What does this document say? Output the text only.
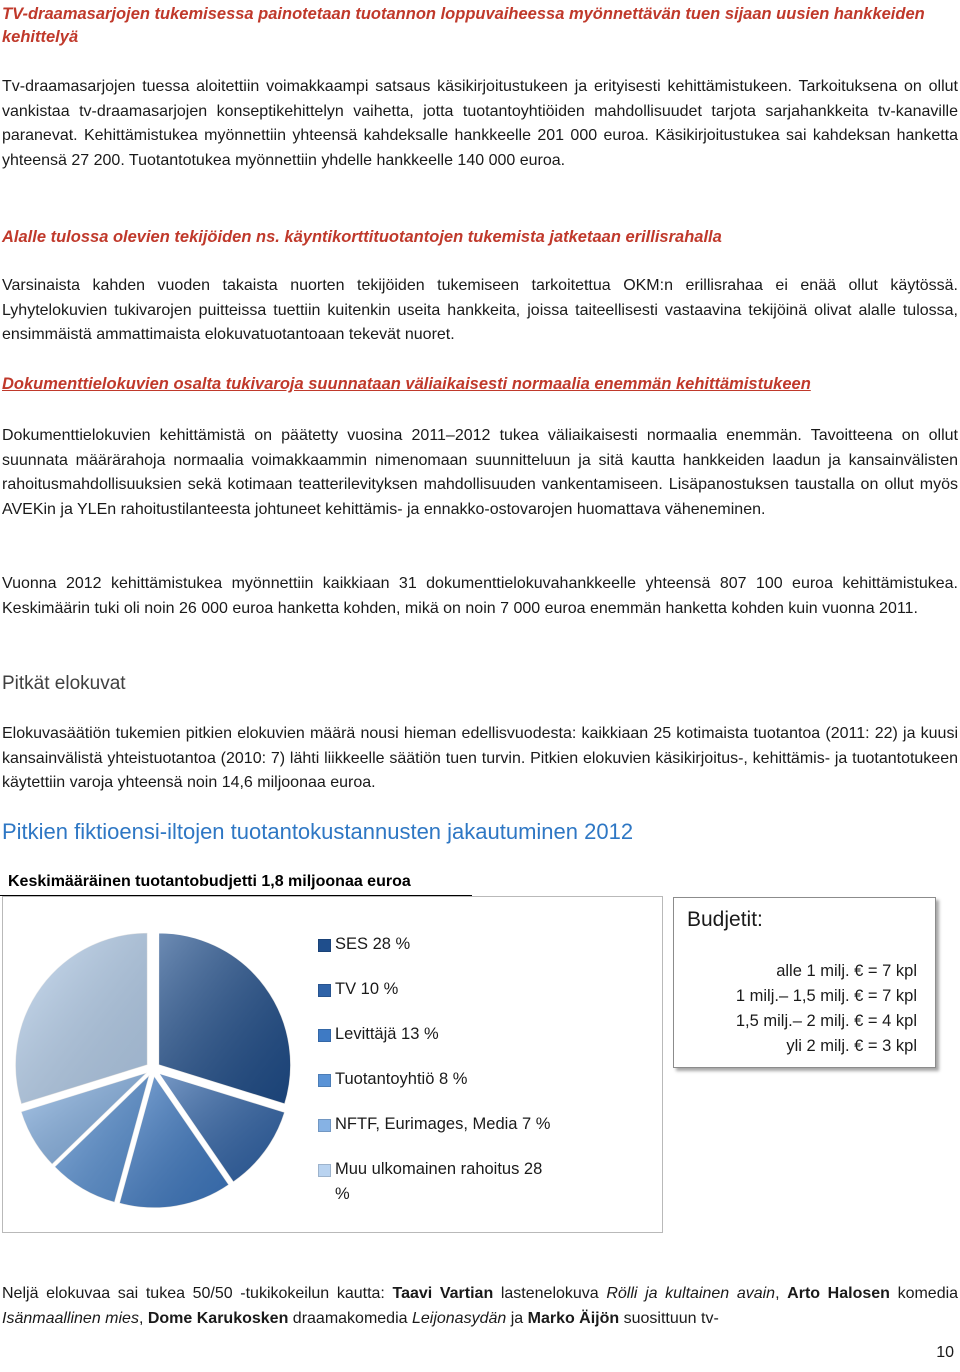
TV-draamasarjojen tukemisessa painotetaan tuotannon loppuvaiheessa myönnettävän tuen sijaan uusien hankkeiden kehittelyä

Tv-draamasarjojen tuessa aloitettiin voimakkaampi satsaus käsikirjoitustukeen ja erityisesti kehittämistukeen. Tarkoituksena on ollut vankistaa tv-draamasarjojen konseptikehittelyn vaihetta, jotta tuotantoyhtiöiden mahdollisuudet tarjota sarjahankkeita tv-kanaville paranevat. Kehittämistukea myönnettiin yhteensä kahdeksalle hankkeelle 201 000 euroa. Käsikirjoitustukea sai kahdeksan hanketta yhteensä 27 200. Tuotantotukea myönnettiin yhdelle hankkeelle 140 000 euroa.

Alalle tulossa olevien tekijöiden ns. käyntikorttituotantojen tukemista jatketaan erillisrahalla

Varsinaista kahden vuoden takaista nuorten tekijöiden tukemiseen tarkoitettua OKM:n erillisrahaa ei enää ollut käytössä. Lyhytelokuvien tukivarojen puitteissa tuettiin kuitenkin useita hankkeita, joissa taiteellisesti vastaavina tekijöinä olivat alalle tulossa, ensimmäistä ammattimaista elokuvatuotantoaan tekevät nuoret.

Dokumenttielokuvien osalta tukivaroja suunnataan väliaikaisesti normaalia enemmän kehittämistukeen

Dokumenttielokuvien kehittämistä on päätetty vuosina 2011–2012 tukea väliaikaisesti normaalia enemmän. Tavoitteena on ollut suunnata määrärahoja normaalia voimakkaammin nimenomaan suunnitteluun ja sitä kautta hankkeiden laadun ja kansainvälisten rahoitusmahdollisuuksien sekä kotimaan teatterilevityksen mahdollisuuden vankentamiseen. Lisäpanostuksen taustalla on ollut myös AVEKin ja YLEn rahoitustilanteesta johtuneet kehittämis- ja ennakko-ostovarojen huomattava väheneminen.

Vuonna 2012 kehittämistukea myönnettiin kaikkiaan 31 dokumenttielokuvahankkeelle yhteensä 807 100 euroa kehittämistukea. Keskimäärin tuki oli noin 26 000 euroa hanketta kohden, mikä on noin 7 000 euroa enemmän hanketta kohden kuin vuonna 2011.

Pitkät elokuvat

Elokuvasäätiön tukemien pitkien elokuvien määrä nousi hieman edellisvuodesta: kaikkiaan 25 kotimaista tuotantoa (2011: 22) ja kuusi kansainvälistä yhteistuotantoa (2010: 7) lähti liikkeelle säätiön tuen turvin. Pitkien elokuvien käsikirjoitus-, kehittämis- ja tuotantotukeen käytettiin varoja yhteensä noin 14,6 miljoonaa euroa.

Pitkien fiktioensi-iltojen tuotantokustannusten jakautuminen 2012
Keskimääräinen tuotantobudjetti 1,8 miljoonaa euroa
SES 28 %
TV 10 %
Levittäjä 13 %
Tuotantoyhtiö 8 %
NFTF, Eurimages, Media 7 %
Muu ulkomainen rahoitus 28 %
Budjetit:
alle 1 milj. € = 7 kpl
1 milj.– 1,5 milj. € = 7 kpl
1,5 milj.– 2 milj. € = 4 kpl
yli 2 milj. € = 3 kpl

Neljä elokuvaa sai tukea 50/50 -tukikokeilun kautta: Taavi Vartian lastenelokuva Rölli ja kultainen avain, Arto Halosen komedia Isänmaallinen mies, Dome Karukosken draamakomedia Leijonasydän ja Marko Äijön suosittuun tv-

10
